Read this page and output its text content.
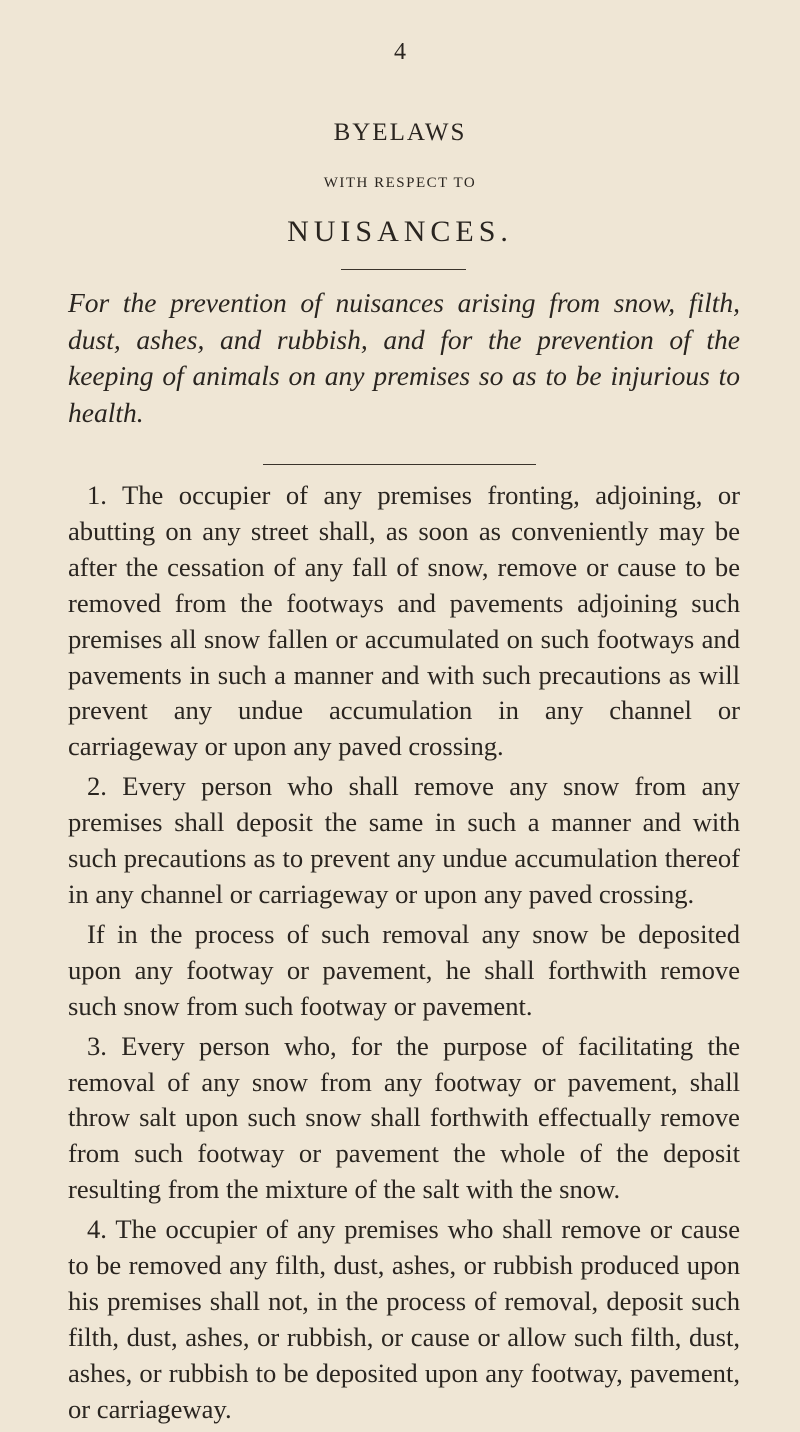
4
BYELAWS
WITH RESPECT TO
NUISANCES.

For the prevention of nuisances arising from snow, filth, dust, ashes, and rubbish, and for the prevention of the keeping of animals on any premises so as to be injurious to health.

1. The occupier of any premises fronting, adjoining, or abutting on any street shall, as soon as conveniently may be after the cessation of any fall of snow, remove or cause to be removed from the footways and pavements adjoining such premises all snow fallen or accumulated on such footways and pavements in such a manner and with such precautions as will prevent any undue accumulation in any channel or carriageway or upon any paved crossing.

2. Every person who shall remove any snow from any premises shall deposit the same in such a manner and with such precautions as to prevent any undue accumulation thereof in any channel or carriageway or upon any paved crossing.

If in the process of such removal any snow be deposited upon any footway or pavement, he shall forthwith remove such snow from such footway or pavement.

3. Every person who, for the purpose of facilitating the removal of any snow from any footway or pavement, shall throw salt upon such snow shall forthwith effectually remove from such footway or pavement the whole of the deposit resulting from the mixture of the salt with the snow.

4. The occupier of any premises who shall remove or cause to be removed any filth, dust, ashes, or rubbish produced upon his premises shall not, in the process of removal, deposit such filth, dust, ashes, or rubbish, or cause or allow such filth, dust, ashes, or rubbish to be deposited upon any footway, pavement, or carriageway.
